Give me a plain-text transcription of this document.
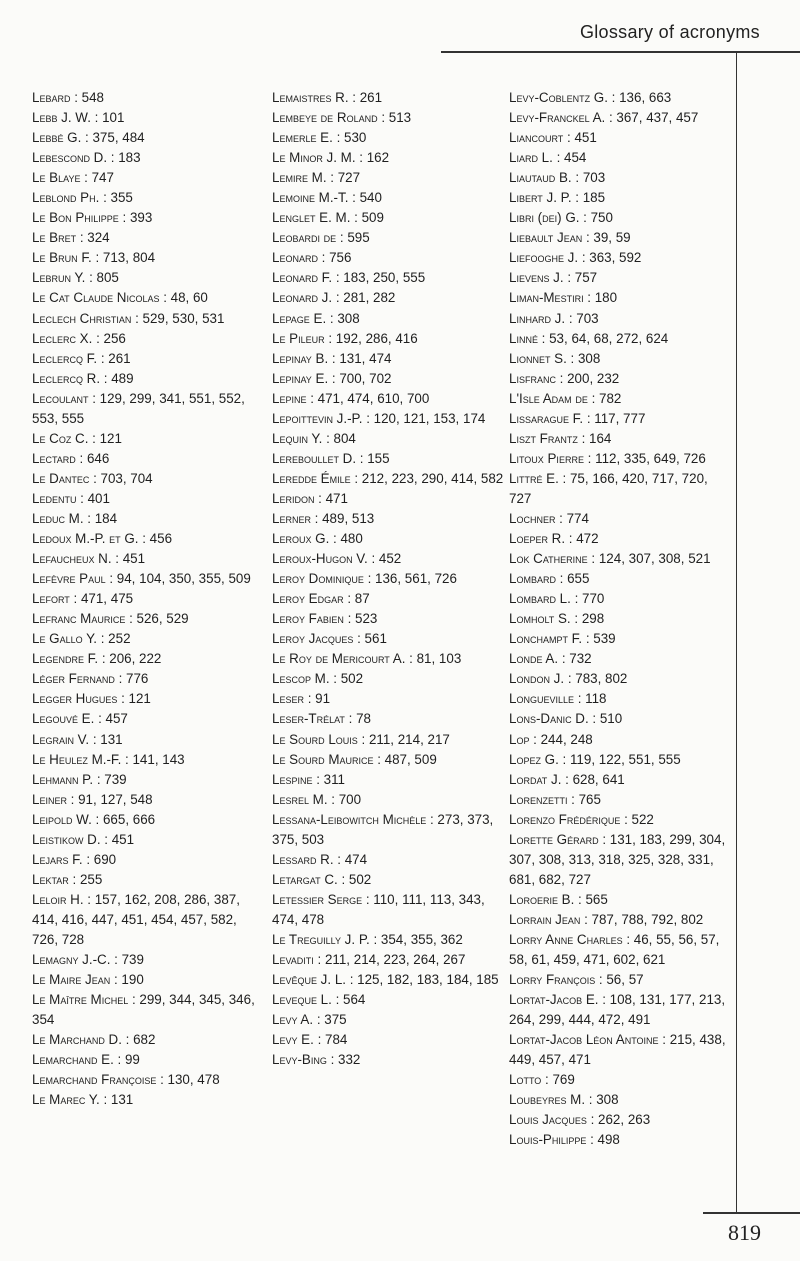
Glossary of acronyms

Lebard : 548

Lebb J. W. : 101

Lebbé G. : 375, 484

Lebescond D. : 183

Le Blaye : 747

Leblond Ph. : 355

Le Bon Philippe : 393

Le Bret : 324

Le Brun F. : 713, 804

Lebrun Y. : 805

Le Cat Claude Nicolas : 48, 60

Leclech Christian : 529, 530, 531

Leclerc X. : 256

Leclercq F. : 261

Leclercq R. : 489

Lecoulant : 129, 299, 341, 551, 552, 553, 555

Le Coz C. : 121

Lectard : 646

Le Dantec : 703, 704

Ledentu : 401

Leduc M. : 184

Ledoux M.-P. et G. : 456

Lefaucheux N. : 451

Lefèvre Paul : 94, 104, 350, 355, 509

Lefort : 471, 475

Lefranc Maurice : 526, 529

Le Gallo Y. : 252

Legendre F. : 206, 222

Léger Fernand : 776

Legger Hugues : 121

Legouvé E. : 457

Legrain V. : 131

Le Heulez M.-F. : 141, 143

Lehmann P. : 739

Leiner : 91, 127, 548

Leipold W. : 665, 666

Leistikow D. : 451

Lejars F. : 690

Lektar : 255

Leloir H. : 157, 162, 208, 286, 387, 414, 416, 447, 451, 454, 457, 582, 726, 728

Lemagny J.-C. : 739

Le Maire Jean : 190

Le Maître Michel : 299, 344, 345, 346, 354

Le Marchand D. : 682

Lemarchand E. : 99

Lemarchand Françoise : 130, 478

Le Marec Y. : 131

Lemaistres R. : 261

Lembeye de Roland : 513

Lemerle E. : 530

Le Minor J. M. : 162

Lemire M. : 727

Lemoine M.-T. : 540

Lenglet E. M. : 509

Leobardi de : 595

Leonard : 756

Leonard F. : 183, 250, 555

Leonard J. : 281, 282

Lepage E. : 308

Le Pileur : 192, 286, 416

Lepinay B. : 131, 474

Lepinay E. : 700, 702

Lepine : 471, 474, 610, 700

Lepoittevin J.-P. : 120, 121, 153, 174

Lequin Y. : 804

Lereboullet D. : 155

Leredde Émile : 212, 223, 290, 414, 582

Leridon : 471

Lerner : 489, 513

Leroux G. : 480

Leroux-Hugon V. : 452

Leroy Dominique : 136, 561, 726

Leroy Edgar : 87

Leroy Fabien : 523

Leroy Jacques : 561

Le Roy de Mericourt A. : 81, 103

Lescop M. : 502

Leser : 91

Leser-Trélat : 78

Le Sourd Louis : 211, 214, 217

Le Sourd Maurice : 487, 509

Lespine : 311

Lesrel M. : 700

Lessana-Leibowitch Michèle : 273, 373, 375, 503

Lessard R. : 474

Letargat C. : 502

Letessier Serge : 110, 111, 113, 343, 474, 478

Le Treguilly J. P. : 354, 355, 362

Levaditi : 211, 214, 223, 264, 267

Levêque J. L. : 125, 182, 183, 184, 185

Leveque L. : 564

Levy A. : 375

Levy E. : 784

Levy-Bing : 332

Levy-Coblentz G. : 136, 663

Levy-Franckel A. : 367, 437, 457

Liancourt : 451

Liard L. : 454

Liautaud B. : 703

Libert J. P. : 185

Libri (dei) G. : 750

Liebault Jean : 39, 59

Liefooghe J. : 363, 592

Lievens J. : 757

Liman-Mestiri : 180

Linhard J. : 703

Linné : 53, 64, 68, 272, 624

Lionnet S. : 308

Lisfranc : 200, 232

L'Isle Adam de : 782

Lissarague F. : 117, 777

Liszt Frantz : 164

Litoux Pierre : 112, 335, 649, 726

Littré E. : 75, 166, 420, 717, 720, 727

Lochner : 774

Loeper R. : 472

Lok Catherine : 124, 307, 308, 521

Lombard : 655

Lombard L. : 770

Lomholt S. : 298

Lonchampt F. : 539

Londe A. : 732

London J. : 783, 802

Longueville : 118

Lons-Danic D. : 510

Lop : 244, 248

Lopez G. : 119, 122, 551, 555

Lordat J. : 628, 641

Lorenzetti : 765

Lorenzo Frédérique : 522

Lorette Gérard : 131, 183, 299, 304, 307, 308, 313, 318, 325, 328, 331, 681, 682, 727

Loroerie B. : 565

Lorrain Jean : 787, 788, 792, 802

Lorry Anne Charles : 46, 55, 56, 57, 58, 61, 459, 471, 602, 621

Lorry François : 56, 57

Lortat-Jacob E. : 108, 131, 177, 213, 264, 299, 444, 472, 491

Lortat-Jacob Léon Antoine : 215, 438, 449, 457, 471

Lotto : 769

Loubeyres M. : 308

Louis Jacques : 262, 263

Louis-Philippe : 498

819
